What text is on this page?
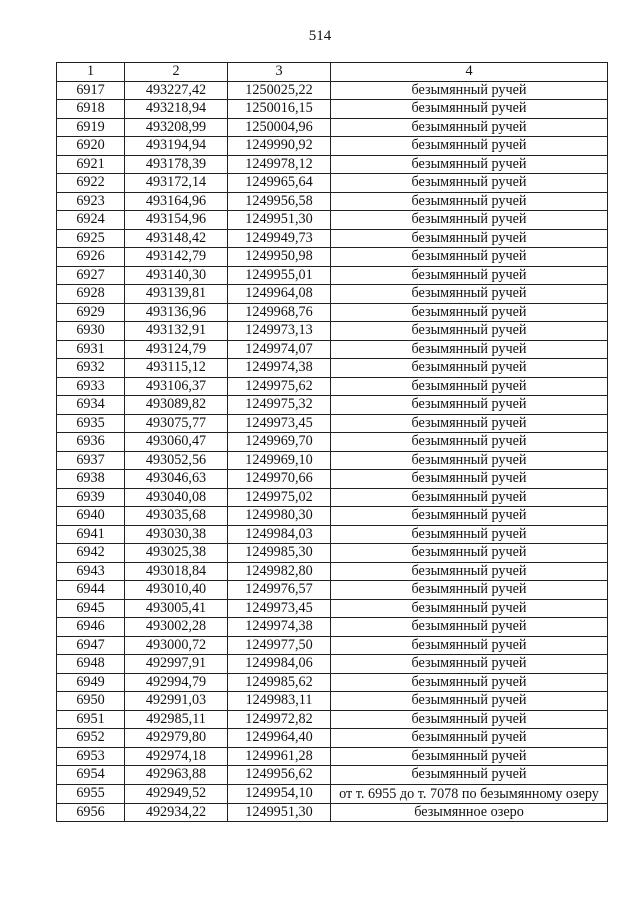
514
1	2	3	4
6917	493227,42	1250025,22	безымянный ручей
6918	493218,94	1250016,15	безымянный ручей
6919	493208,99	1250004,96	безымянный ручей
6920	493194,94	1249990,92	безымянный ручей
6921	493178,39	1249978,12	безымянный ручей
6922	493172,14	1249965,64	безымянный ручей
6923	493164,96	1249956,58	безымянный ручей
6924	493154,96	1249951,30	безымянный ручей
6925	493148,42	1249949,73	безымянный ручей
6926	493142,79	1249950,98	безымянный ручей
6927	493140,30	1249955,01	безымянный ручей
6928	493139,81	1249964,08	безымянный ручей
6929	493136,96	1249968,76	безымянный ручей
6930	493132,91	1249973,13	безымянный ручей
6931	493124,79	1249974,07	безымянный ручей
6932	493115,12	1249974,38	безымянный ручей
6933	493106,37	1249975,62	безымянный ручей
6934	493089,82	1249975,32	безымянный ручей
6935	493075,77	1249973,45	безымянный ручей
6936	493060,47	1249969,70	безымянный ручей
6937	493052,56	1249969,10	безымянный ручей
6938	493046,63	1249970,66	безымянный ручей
6939	493040,08	1249975,02	безымянный ручей
6940	493035,68	1249980,30	безымянный ручей
6941	493030,38	1249984,03	безымянный ручей
6942	493025,38	1249985,30	безымянный ручей
6943	493018,84	1249982,80	безымянный ручей
6944	493010,40	1249976,57	безымянный ручей
6945	493005,41	1249973,45	безымянный ручей
6946	493002,28	1249974,38	безымянный ручей
6947	493000,72	1249977,50	безымянный ручей
6948	492997,91	1249984,06	безымянный ручей
6949	492994,79	1249985,62	безымянный ручей
6950	492991,03	1249983,11	безымянный ручей
6951	492985,11	1249972,82	безымянный ручей
6952	492979,80	1249964,40	безымянный ручей
6953	492974,18	1249961,28	безымянный ручей
6954	492963,88	1249956,62	безымянный ручей
6955	492949,52	1249954,10	от т. 6955 до т. 7078 по безымянному озеру
6956	492934,22	1249951,30	безымянное озеро
